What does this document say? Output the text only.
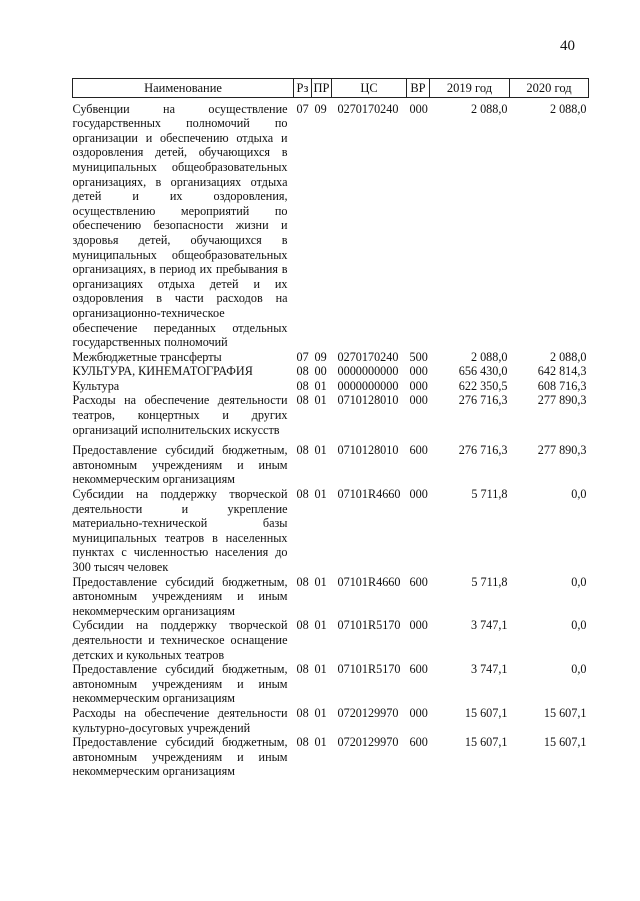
40
Наименование	Рз	ПР	ЦС	ВР	2019 год	2020 год
Субвенции на осуществление государственных полномочий по организации и обеспечению отдыха и оздоровления детей, обучающихся в муниципальных общеобразовательных организациях, в организациях отдыха детей и их оздоровления, осуществлению мероприятий по обеспечению безопасности жизни и здоровья детей, обучающихся в муниципальных общеобразовательных организациях, в период их пребывания в организациях отдыха детей и их оздоровления в части расходов на организационно-техническое обеспечение переданных отдельных государственных полномочий	07	09	0270170240	000	2 088,0	2 088,0
Межбюджетные трансферты	07	09	0270170240	500	2 088,0	2 088,0
КУЛЬТУРА, КИНЕМАТОГРАФИЯ	08	00	0000000000	000	656 430,0	642 814,3
Культура	08	01	0000000000	000	622 350,5	608 716,3
Расходы на обеспечение деятельности театров, концертных и других организаций исполнительских искусств	08	01	0710128010	000	276 716,3	277 890,3
Предоставление субсидий бюджетным, автономным учреждениям и иным некоммерческим организациям	08	01	0710128010	600	276 716,3	277 890,3
Субсидии на поддержку творческой деятельности и укрепление материально-технической базы муниципальных театров в населенных пунктах с численностью населения до 300 тысяч человек	08	01	07101R4660	000	5 711,8	0,0
Предоставление субсидий бюджетным, автономным учреждениям и иным некоммерческим организациям	08	01	07101R4660	600	5 711,8	0,0
Субсидии на поддержку творческой деятельности и техническое оснащение детских и кукольных театров	08	01	07101R5170	000	3 747,1	0,0
Предоставление субсидий бюджетным, автономным учреждениям и иным некоммерческим организациям	08	01	07101R5170	600	3 747,1	0,0
Расходы на обеспечение деятельности культурно-досуговых учреждений	08	01	0720129970	000	15 607,1	15 607,1
Предоставление субсидий бюджетным, автономным учреждениям и иным некоммерческим организациям	08	01	0720129970	600	15 607,1	15 607,1
